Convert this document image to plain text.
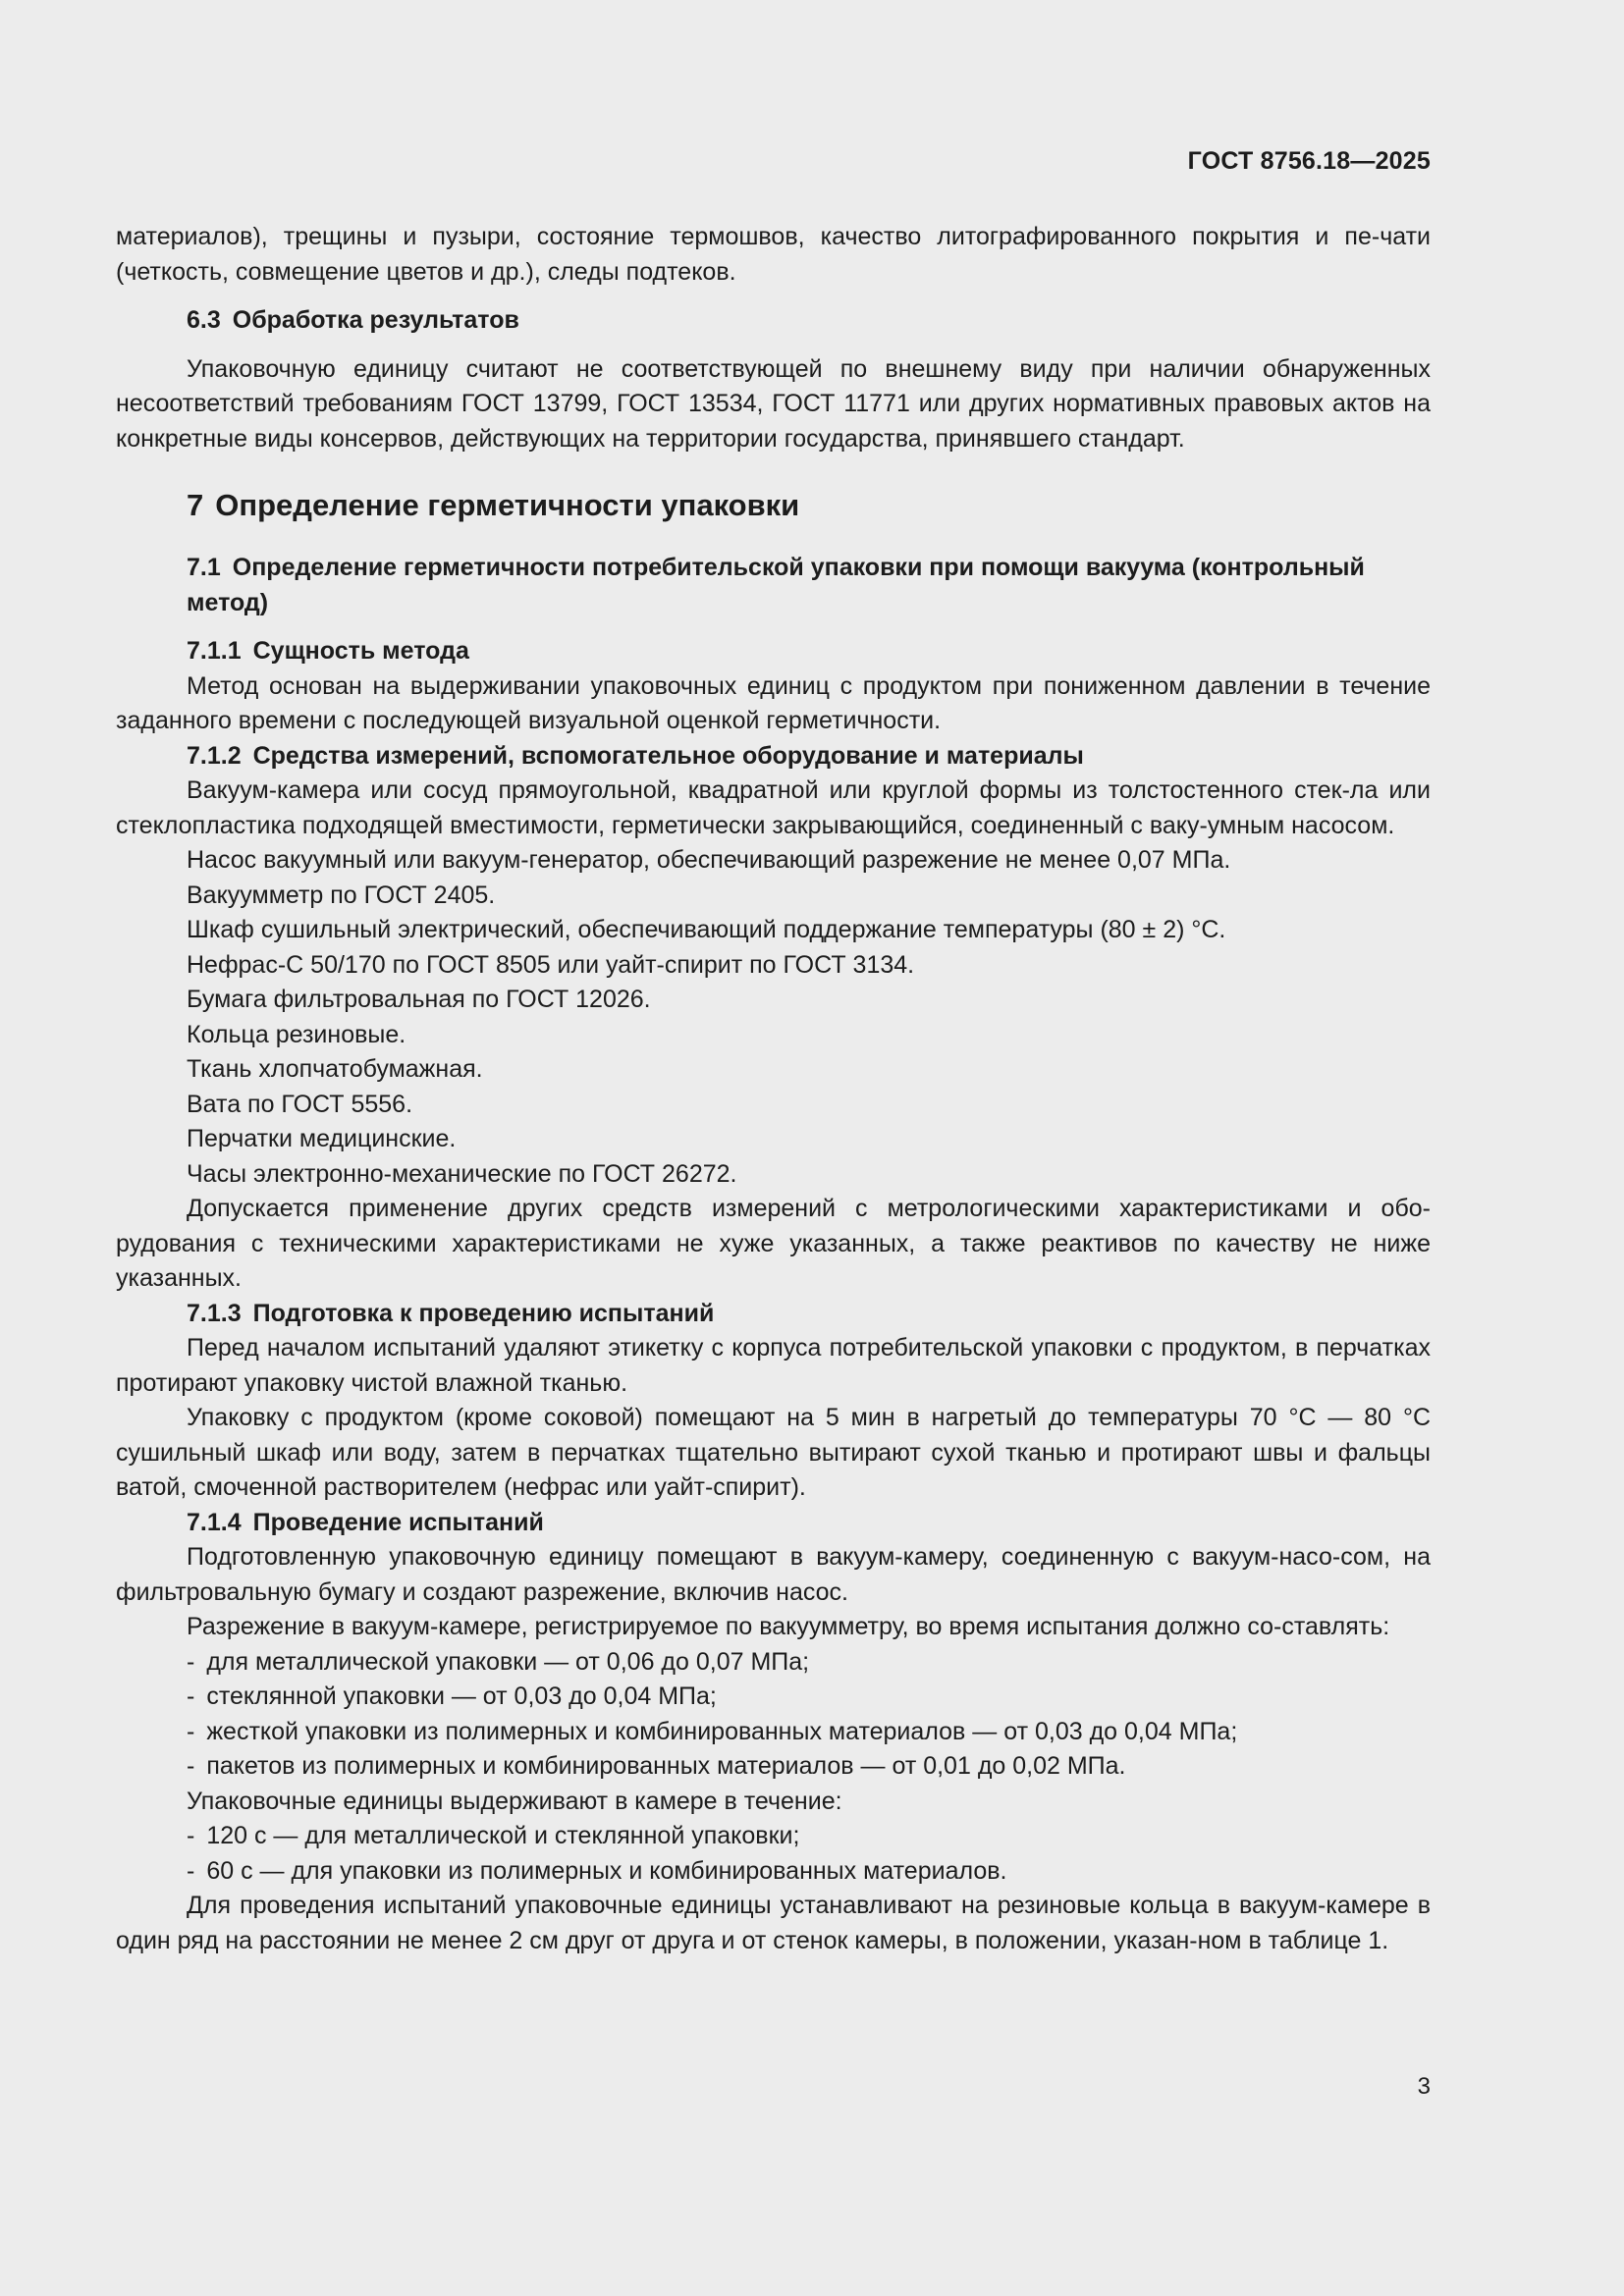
ГОСТ 8756.18—2025

материалов), трещины и пузыри, состояние термошвов, качество литографированного покрытия и пе-чати (четкость, совмещение цветов и др.), следы подтеков.

6.3 Обработка результатов

Упаковочную единицу считают не соответствующей по внешнему виду при наличии обнаруженных несоответствий требованиям ГОСТ 13799, ГОСТ 13534, ГОСТ 11771 или других нормативных правовых актов на конкретные виды консервов, действующих на территории государства, принявшего стандарт.

7 Определение герметичности упаковки
7.1 Определение герметичности потребительской упаковки при помощи вакуума (контрольный метод)
7.1.1 Сущность метода

Метод основан на выдерживании упаковочных единиц с продуктом при пониженном давлении в течение заданного времени с последующей визуальной оценкой герметичности.

7.1.2 Средства измерений, вспомогательное оборудование и материалы

Вакуум-камера или сосуд прямоугольной, квадратной или круглой формы из толстостенного стек-ла или стеклопластика подходящей вместимости, герметически закрывающийся, соединенный с ваку-умным насосом.

Насос вакуумный или вакуум-генератор, обеспечивающий разрежение не менее 0,07 МПа.

Вакуумметр по ГОСТ 2405.

Шкаф сушильный электрический, обеспечивающий поддержание температуры (80 ± 2) °С.

Нефрас-С 50/170 по ГОСТ 8505 или уайт-спирит по ГОСТ 3134.

Бумага фильтровальная по ГОСТ 12026.

Кольца резиновые.

Ткань хлопчатобумажная.

Вата по ГОСТ 5556.

Перчатки медицинские.

Часы электронно-механические по ГОСТ 26272.

Допускается применение других средств измерений с метрологическими характеристиками и обо-рудования с техническими характеристиками не хуже указанных, а также реактивов по качеству не ниже указанных.

7.1.3 Подготовка к проведению испытаний

Перед началом испытаний удаляют этикетку с корпуса потребительской упаковки с продуктом, в перчатках протирают упаковку чистой влажной тканью.

Упаковку с продуктом (кроме соковой) помещают на 5 мин в нагретый до температуры 70 °С — 80 °С сушильный шкаф или воду, затем в перчатках тщательно вытирают сухой тканью и протирают швы и фальцы ватой, смоченной растворителем (нефрас или уайт-спирит).

7.1.4 Проведение испытаний

Подготовленную упаковочную единицу помещают в вакуум-камеру, соединенную с вакуум-насо-сом, на фильтровальную бумагу и создают разрежение, включив насос.

Разрежение в вакуум-камере, регистрируемое по вакуумметру, во время испытания должно со-ставлять:

- для металлической упаковки — от 0,06 до 0,07 МПа;
- стеклянной упаковки — от 0,03 до 0,04 МПа;
- жесткой упаковки из полимерных и комбинированных материалов — от 0,03 до 0,04 МПа;
- пакетов из полимерных и комбинированных материалов — от 0,01 до 0,02 МПа.

Упаковочные единицы выдерживают в камере в течение:

- 120 с — для металлической и стеклянной упаковки;
- 60 с — для упаковки из полимерных и комбинированных материалов.

Для проведения испытаний упаковочные единицы устанавливают на резиновые кольца в вакуум-камере в один ряд на расстоянии не менее 2 см друг от друга и от стенок камеры, в положении, указан-ном в таблице 1.

3
